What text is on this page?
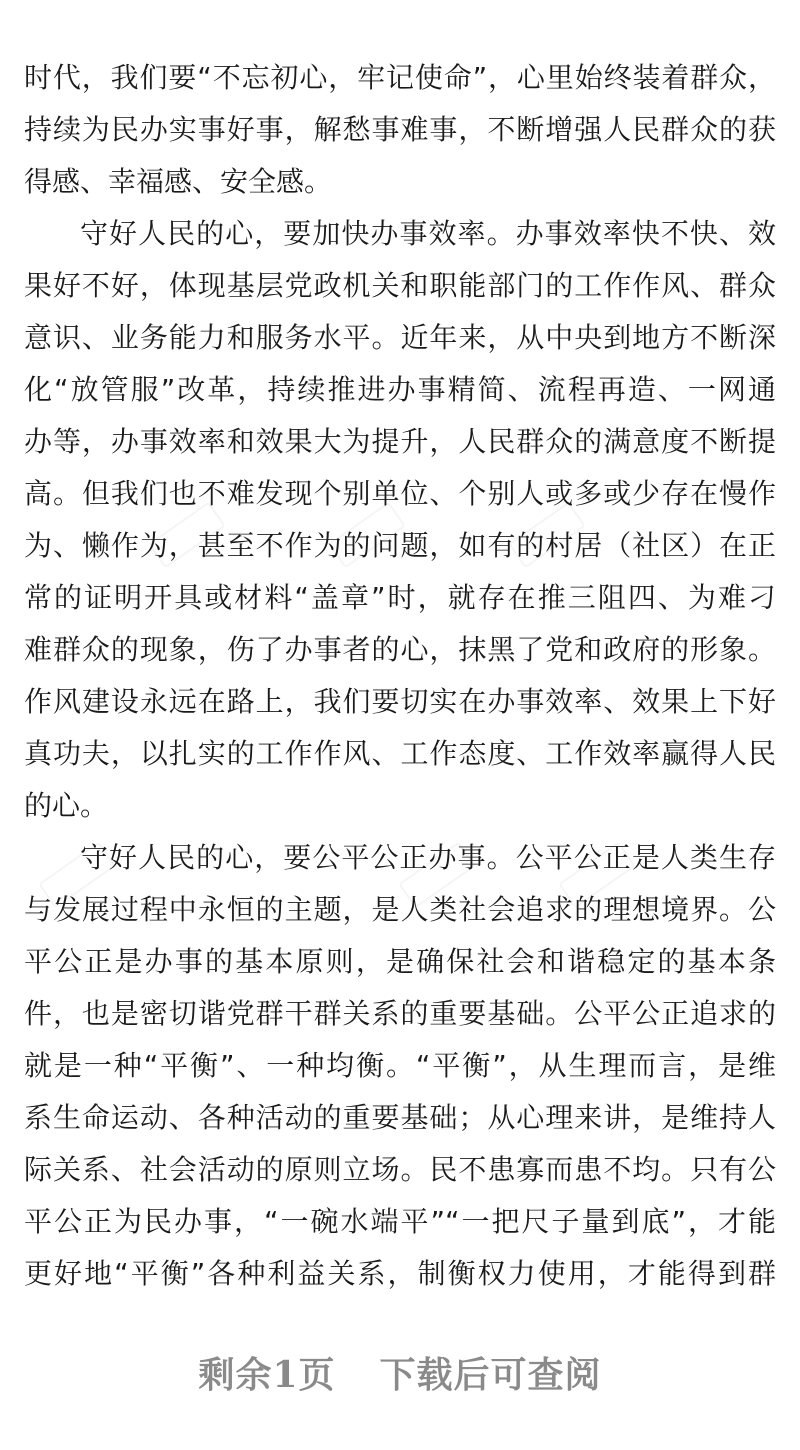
时代，我们要“不忘初心，牢记使命”，心里始终装着群众，
持续为民办实事好事，解愁事难事，不断增强人民群众的获
得感、幸福感、安全感。
守好人民的心，要加快办事效率。办事效率快不快、效
果好不好，体现基层党政机关和职能部门的工作作风、群众
意识、业务能力和服务水平。近年来，从中央到地方不断深
化“放管服”改革，持续推进办事精简、流程再造、一网通
办等，办事效率和效果大为提升，人民群众的满意度不断提
高。但我们也不难发现个别单位、个别人或多或少存在慢作
为、懒作为，甚至不作为的问题，如有的村居（社区）在正
常的证明开具或材料“盖章”时，就存在推三阻四、为难刁
难群众的现象，伤了办事者的心，抹黑了党和政府的形象。
作风建设永远在路上，我们要切实在办事效率、效果上下好
真功夫，以扎实的工作作风、工作态度、工作效率赢得人民
的心。
守好人民的心，要公平公正办事。公平公正是人类生存
与发展过程中永恒的主题，是人类社会追求的理想境界。公
平公正是办事的基本原则，是确保社会和谐稳定的基本条
件，也是密切谐党群干群关系的重要基础。公平公正追求的
就是一种“平衡”、一种均衡。“平衡”，从生理而言，是维
系生命运动、各种活动的重要基础；从心理来讲，是维持人
际关系、社会活动的原则立场。民不患寡而患不均。只有公
平公正为民办事，“一碗水端平”“一把尺子量到底”，才能
更好地“平衡”各种利益关系，制衡权力使用，才能得到群
剩余1页 下载后可查阅
